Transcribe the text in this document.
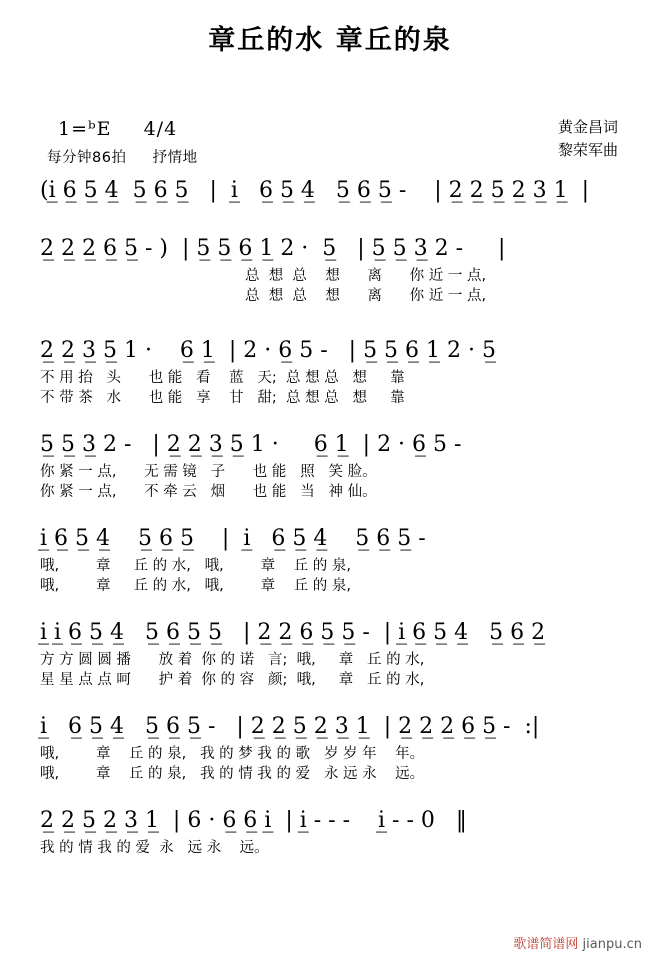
章丘的水 章丘的泉
1=ᵇE 4/4
每分钟86拍 抒情地
黄金昌词
黎荣军曲
(i̲ 6̲ 5̲ 4̲  5̲ 6̲ 5̲   |  i̲   6̲ 5̲ 4̲   5̲ 6̲ 5̲ -    | 2̲ 2̲ 5̲ 2̲ 3̲ 1̲  |
2̲ 2̲ 2̲ 6̲ 5̲ - )  | 5̲ 5̲ 6̲ 1̲ 2 ·  5̲   | 5̲ 5̲ 3̲ 2 -     |
总  想  总    想      离      你 近 一 点,
总  想  总    想      离      你 近 一 点,
2̲ 2̲ 3̲ 5̲ 1 ·    6̲ 1̲  | 2 · 6̲ 5 -   | 5̲ 5̲ 6̲ 1̲ 2 · 5̲
不 用 抬   头      也 能   看    蓝   天;  总 想 总   想     靠
不 带 茶   水      也 能   享    甘   甜;  总 想 总   想     靠
5̲ 5̲ 3̲ 2 -   | 2̲ 2̲ 3̲ 5̲ 1 ·     6̲ 1̲  | 2 · 6̲ 5 -
你 紧 一 点,      无 需 镜   子      也 能   照   笑 脸。
你 紧 一 点,      不 牵 云   烟      也 能   当   神 仙。
i̲ 6̲ 5̲ 4̲    5̲ 6̲ 5̲    |  i̲   6̲ 5̲ 4̲    5̲ 6̲ 5̲ -
哦,        章     丘 的 水,   哦,        章    丘 的 泉,
哦,        章     丘 的 水,   哦,        章    丘 的 泉,
i̲ i̲ 6̲ 5̲ 4̲   5̲ 6̲ 5̲ 5̲   | 2̲ 2̲ 6̲ 5̲ 5̲ -  | i̲ 6̲ 5̲ 4̲   5̲ 6̲ 2̲
方 方 圆 圆 播      放 着  你 的 诺   言;  哦,     章   丘 的 水,
星 星 点 点 呵      护 着  你 的 容   颜;  哦,     章   丘 的 水,
i̲   6̲ 5̲ 4̲   5̲ 6̲ 5̲ -   | 2̲ 2̲ 5̲ 2̲ 3̲ 1̲  | 2̲ 2̲ 2̲ 6̲ 5̲ -  :|
哦,        章    丘 的 泉,   我 的 梦 我 的 歌   岁 岁 年    年。
哦,        章    丘 的 泉,   我 的 情 我 的 爱   永 远 永    远。
2̲ 2̲ 5̲ 2̲ 3̲ 1̲  | 6 · 6̲ 6̲ i̲  | i̲ - - -    i̲ - - 0   ‖
我 的 情 我 的 爱  永   远 永    远。
歌谱简谱网 jianpu.cn
